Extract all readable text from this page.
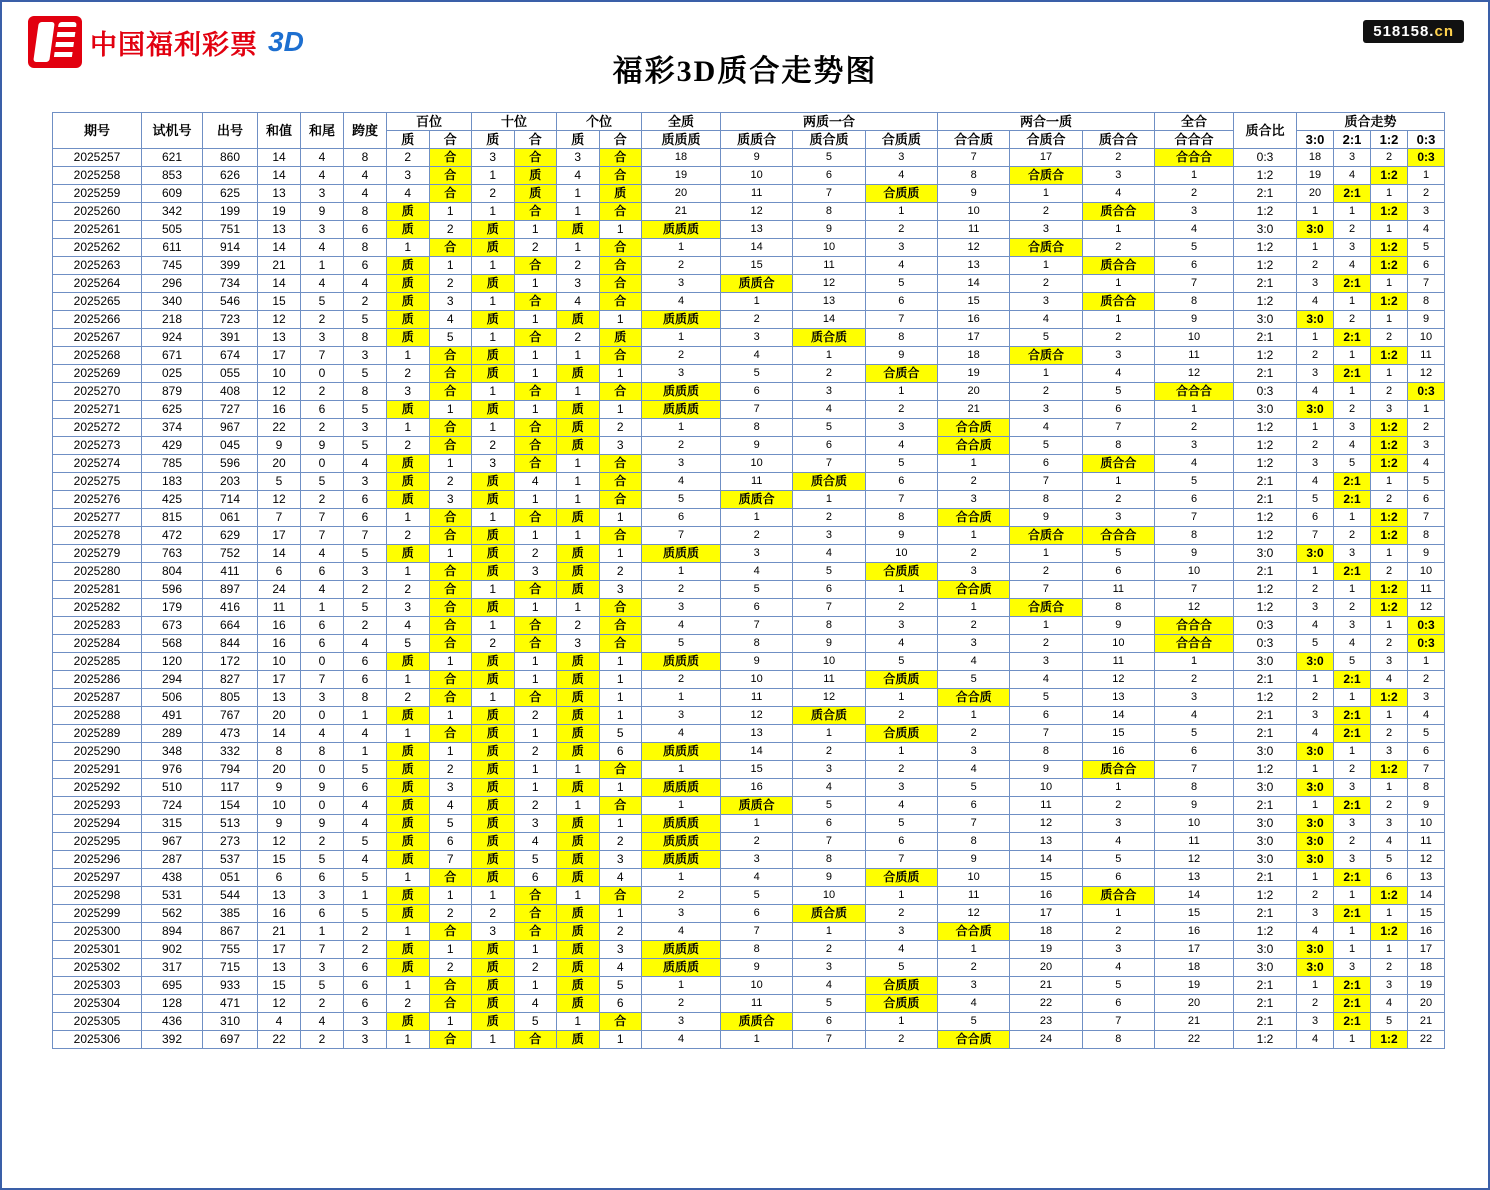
中国福利彩票 3D
福彩3D质合走势图
518158.cn
期号	试机号	出号	和值	和尾	跨度	百位		十位		个位		全质	两质一合			两合一质			全合	质合比	质合走势			
						质	合	质	合	质	合	质质质	质质合	质合质	合质质	合合质	合质合	质合合	合合合		3:0	2:1	1:2	0:3
2025257	621	860	14	4	8	2	合	3	合	3	合	18	9	5	3	7	17	2	合合合	0:3	18	3	2	0:3
2025258	853	626	14	4	4	3	合	1	质	4	合	19	10	6	4	8	合质合	3	1	1:2	19	4	1:2	1
2025259	609	625	13	3	4	4	合	2	质	1	质	20	11	7	合质质	9	1	4	2	2:1	20	2:1	1	2
2025260	342	199	19	9	8	质	1	1	合	1	合	21	12	8	1	10	2	质合合	3	1:2	1	1	1:2	3
2025261	505	751	13	3	6	质	2	质	1	质	1	质质质	13	9	2	11	3	1	4	3:0	3:0	2	1	4
2025262	611	914	14	4	8	1	合	质	2	1	合	1	14	10	3	12	合质合	2	5	1:2	1	3	1:2	5
2025263	745	399	21	1	6	质	1	1	合	2	合	2	15	11	4	13	1	质合合	6	1:2	2	4	1:2	6
2025264	296	734	14	4	4	质	2	质	1	3	合	3	质质合	12	5	14	2	1	7	2:1	3	2:1	1	7
2025265	340	546	15	5	2	质	3	1	合	4	合	4	1	13	6	15	3	质合合	8	1:2	4	1	1:2	8
2025266	218	723	12	2	5	质	4	质	1	质	1	质质质	2	14	7	16	4	1	9	3:0	3:0	2	1	9
2025267	924	391	13	3	8	质	5	1	合	2	质	1	3	质合质	8	17	5	2	10	2:1	1	2:1	2	10
2025268	671	674	17	7	3	1	合	质	1	1	合	2	4	1	9	18	合质合	3	11	1:2	2	1	1:2	11
2025269	025	055	10	0	5	2	合	质	1	质	1	3	5	2	合质合	19	1	4	12	2:1	3	2:1	1	12
2025270	879	408	12	2	8	3	合	1	合	1	合	质质质	6	3	1	20	2	5	合合合	0:3	4	1	2	0:3
2025271	625	727	16	6	5	质	1	质	1	质	1	质质质	7	4	2	21	3	6	1	3:0	3:0	2	3	1
2025272	374	967	22	2	3	1	合	1	合	质	2	1	8	5	3	合合质	4	7	2	1:2	1	3	1:2	2
2025273	429	045	9	9	5	2	合	2	合	质	3	2	9	6	4	合合质	5	8	3	1:2	2	4	1:2	3
2025274	785	596	20	0	4	质	1	3	合	1	合	3	10	7	5	1	6	质合合	4	1:2	3	5	1:2	4
2025275	183	203	5	5	3	质	2	质	4	1	合	4	11	质合质	6	2	7	1	5	2:1	4	2:1	1	5
2025276	425	714	12	2	6	质	3	质	1	1	合	5	质质合	1	7	3	8	2	6	2:1	5	2:1	2	6
2025277	815	061	7	7	6	1	合	1	合	质	1	6	1	2	8	合合质	9	3	7	1:2	6	1	1:2	7
2025278	472	629	17	7	7	2	合	质	1	1	合	7	2	3	9	1	合质合	合合合	8	1:2	7	2	1:2	8
2025279	763	752	14	4	5	质	1	质	2	质	1	质质质	3	4	10	2	1	5	9	3:0	3:0	3	1	9
2025280	804	411	6	6	3	1	合	质	3	质	2	1	4	5	合质质	3	2	6	10	2:1	1	2:1	2	10
2025281	596	897	24	4	2	2	合	1	合	质	3	2	5	6	1	合合质	7	11	7	1:2	2	1	1:2	11
2025282	179	416	11	1	5	3	合	质	1	1	合	3	6	7	2	1	合质合	8	12	1:2	3	2	1:2	12
2025283	673	664	16	6	2	4	合	1	合	2	合	4	7	8	3	2	1	9	合合合	0:3	4	3	1	0:3
2025284	568	844	16	6	4	5	合	2	合	3	合	5	8	9	4	3	2	10	合合合	0:3	5	4	2	0:3
2025285	120	172	10	0	6	质	1	质	1	质	1	质质质	9	10	5	4	3	11	1	3:0	3:0	5	3	1
2025286	294	827	17	7	6	1	合	质	1	质	1	2	10	11	合质质	5	4	12	2	2:1	1	2:1	4	2
2025287	506	805	13	3	8	2	合	1	合	质	1	1	11	12	1	合合质	5	13	3	1:2	2	1	1:2	3
2025288	491	767	20	0	1	质	1	质	2	质	1	3	12	质合质	2	1	6	14	4	2:1	3	2:1	1	4
2025289	289	473	14	4	4	1	合	质	1	质	5	4	13	1	合质质	2	7	15	5	2:1	4	2:1	2	5
2025290	348	332	8	8	1	质	1	质	2	质	6	质质质	14	2	1	3	8	16	6	3:0	3:0	1	3	6
2025291	976	794	20	0	5	质	2	质	1	1	合	1	15	3	2	4	9	质合合	7	1:2	1	2	1:2	7
2025292	510	117	9	9	6	质	3	质	1	质	1	质质质	16	4	3	5	10	1	8	3:0	3:0	3	1	8
2025293	724	154	10	0	4	质	4	质	2	1	合	1	质质合	5	4	6	11	2	9	2:1	1	2:1	2	9
2025294	315	513	9	9	4	质	5	质	3	质	1	质质质	1	6	5	7	12	3	10	3:0	3:0	3	3	10
2025295	967	273	12	2	5	质	6	质	4	质	2	质质质	2	7	6	8	13	4	11	3:0	3:0	2	4	11
2025296	287	537	15	5	4	质	7	质	5	质	3	质质质	3	8	7	9	14	5	12	3:0	3:0	3	5	12
2025297	438	051	6	6	5	1	合	质	6	质	4	1	4	9	合质质	10	15	6	13	2:1	1	2:1	6	13
2025298	531	544	13	3	1	质	1	1	合	1	合	2	5	10	1	11	16	质合合	14	1:2	2	1	1:2	14
2025299	562	385	16	6	5	质	2	2	合	质	1	3	6	质合质	2	12	17	1	15	2:1	3	2:1	1	15
2025300	894	867	21	1	2	1	合	3	合	质	2	4	7	1	3	合合质	18	2	16	1:2	4	1	1:2	16
2025301	902	755	17	7	2	质	1	质	1	质	3	质质质	8	2	4	1	19	3	17	3:0	3:0	1	1	17
2025302	317	715	13	3	6	质	2	质	2	质	4	质质质	9	3	5	2	20	4	18	3:0	3:0	3	2	18
2025303	695	933	15	5	6	1	合	质	1	质	5	1	10	4	合质质	3	21	5	19	2:1	1	2:1	3	19
2025304	128	471	12	2	6	2	合	质	4	质	6	2	11	5	合质质	4	22	6	20	2:1	2	2:1	4	20
2025305	436	310	4	4	3	质	1	质	5	1	合	3	质质合	6	1	5	23	7	21	2:1	3	2:1	5	21
2025306	392	697	22	2	3	1	合	1	合	质	1	4	1	7	2	合合质	24	8	22	1:2	4	1	1:2	22
